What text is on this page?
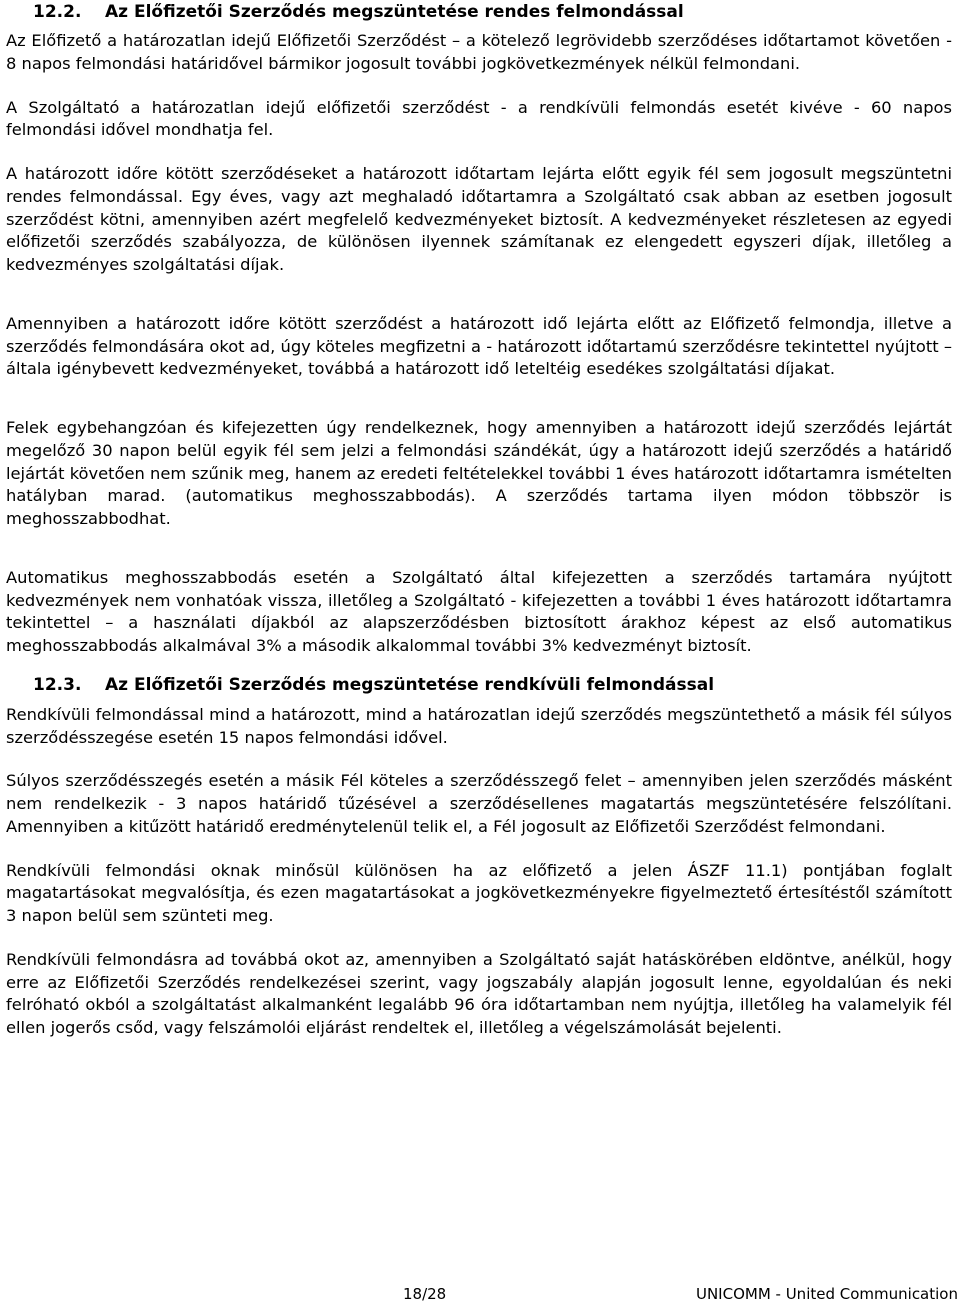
12.2. Az Előfizetői Szerződés megszüntetése rendes felmondással

Az Előfizető a határozatlan idejű Előfizetői Szerződést – a kötelező legrövidebb szerződéses időtartamot követően - 8 napos felmondási határidővel bármikor jogosult további jogkövetkezmények nélkül felmondani.

A Szolgáltató a határozatlan idejű előfizetői szerződést - a rendkívüli felmondás esetét kivéve - 60 napos felmondási idővel mondhatja fel.

A határozott időre kötött szerződéseket a határozott időtartam lejárta előtt egyik fél sem jogosult megszüntetni rendes felmondással. Egy éves, vagy azt meghaladó időtartamra a Szolgáltató csak abban az esetben jogosult szerződést kötni, amennyiben azért megfelelő kedvezményeket biztosít. A kedvezményeket részletesen az egyedi előfizetői szerződés szabályozza, de különösen ilyennek számítanak ez elengedett egyszeri díjak, illetőleg a kedvezményes szolgáltatási díjak.

Amennyiben a határozott időre kötött szerződést a határozott idő lejárta előtt az Előfizető felmondja, illetve a szerződés felmondására okot ad, úgy köteles megfizetni a - határozott időtartamú szerződésre tekintettel nyújtott – általa igénybevett kedvezményeket, továbbá a határozott idő leteltéig esedékes szolgáltatási díjakat.

Felek egybehangzóan és kifejezetten úgy rendelkeznek, hogy amennyiben a határozott idejű szerződés lejártát megelőző 30 napon belül egyik fél sem jelzi a felmondási szándékát, úgy a határozott idejű szerződés a határidő lejártát követően nem szűnik meg, hanem az eredeti feltételekkel további 1 éves határozott időtartamra ismételten hatályban marad. (automatikus meghosszabbodás). A szerződés tartama ilyen módon többször is meghosszabbodhat.

Automatikus meghosszabbodás esetén a Szolgáltató által kifejezetten a szerződés tartamára nyújtott kedvezmények nem vonhatóak vissza, illetőleg a Szolgáltató - kifejezetten a további 1 éves határozott időtartamra tekintettel – a használati díjakból az alapszerződésben biztosított árakhoz képest az első automatikus meghosszabbodás alkalmával 3% a második alkalommal további 3% kedvezményt biztosít.

12.3. Az Előfizetői Szerződés megszüntetése rendkívüli felmondással

Rendkívüli felmondással mind a határozott, mind a határozatlan idejű szerződés megszüntethető a másik fél súlyos szerződésszegése esetén 15 napos felmondási idővel.

Súlyos szerződésszegés esetén a másik Fél köteles a szerződésszegő felet – amennyiben jelen szerződés másként nem rendelkezik - 3 napos határidő tűzésével a szerződésellenes magatartás megszüntetésére felszólítani. Amennyiben a kitűzött határidő eredménytelenül telik el, a Fél jogosult az Előfizetői Szerződést felmondani.

Rendkívüli felmondási oknak minősül különösen ha az előfizető a jelen ÁSZF 11.1) pontjában foglalt magatartásokat megvalósítja, és ezen magatartásokat a jogkövetkezményekre figyelmeztető értesítéstől számított 3 napon belül sem szünteti meg.

Rendkívüli felmondásra ad továbbá okot az, amennyiben a Szolgáltató saját hatáskörében eldöntve, anélkül, hogy erre az Előfizetői Szerződés rendelkezései szerint, vagy jogszabály alapján jogosult lenne, egyoldalúan és neki felróható okból a szolgáltatást alkalmanként legalább 96 óra időtartamban nem nyújtja, illetőleg ha valamelyik fél ellen jogerős csőd, vagy felszámolói eljárást rendeltek el, illetőleg a végelszámolását bejelenti.

18/28	UNICOMM - United Communication
